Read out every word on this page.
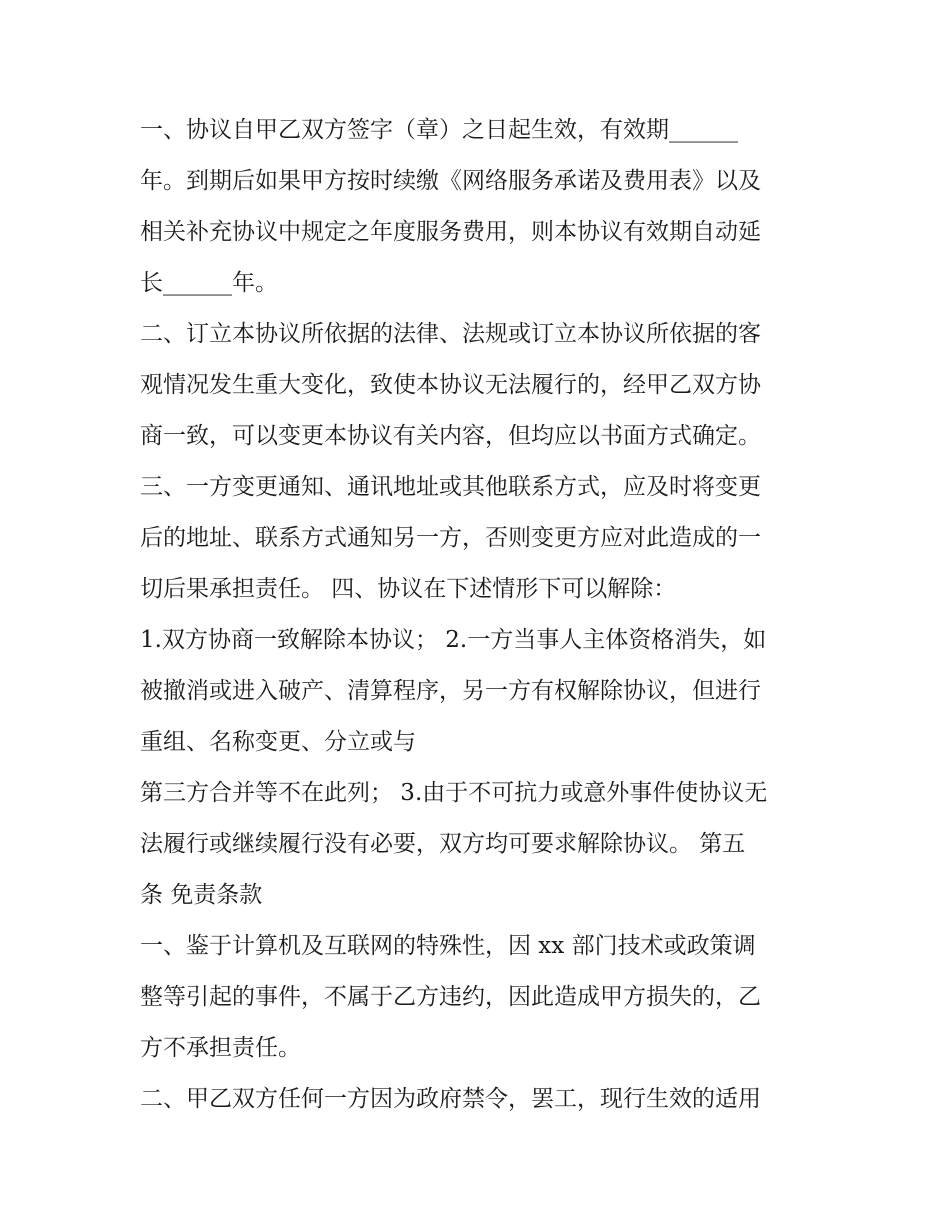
一、协议自甲乙双方签字（章）之日起生效，有效期______
年。到期后如果甲方按时续缴《网络服务承诺及费用表》以及
相关补充协议中规定之年度服务费用，则本协议有效期自动延
长______年。
二、订立本协议所依据的法律、法规或订立本协议所依据的客
观情况发生重大变化，致使本协议无法履行的，经甲乙双方协
商一致，可以变更本协议有关内容，但均应以书面方式确定。
三、一方变更通知、通讯地址或其他联系方式，应及时将变更
后的地址、联系方式通知另一方，否则变更方应对此造成的一
切后果承担责任。 四、协议在下述情形下可以解除：
1.双方协商一致解除本协议； 2.一方当事人主体资格消失，如
被撤消或进入破产、清算程序，另一方有权解除协议，但进行
重组、名称变更、分立或与
第三方合并等不在此列； 3.由于不可抗力或意外事件使协议无
法履行或继续履行没有必要，双方均可要求解除协议。 第五
条 免责条款
一、鉴于计算机及互联网的特殊性，因 xx 部门技术或政策调
整等引起的事件，不属于乙方违约，因此造成甲方损失的，乙
方不承担责任。
二、甲乙双方任何一方因为政府禁令，罢工，现行生效的适用
